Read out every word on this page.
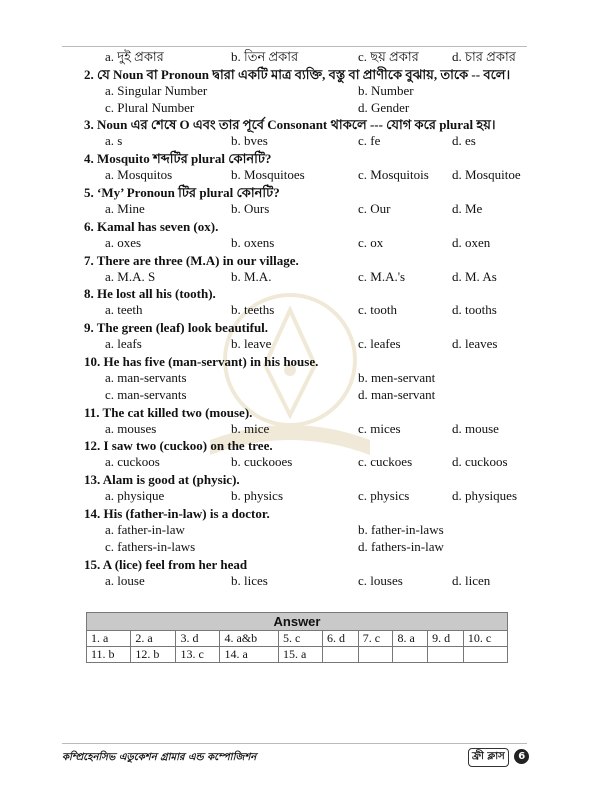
a. দুই প্রকার	b. তিন প্রকার	c. ছয় প্রকার	d. চার প্রকার
2. যে Noun বা Pronoun দ্বারা একটি মাত্র ব্যক্তি, বস্তু বা প্রাণীকে বুঝায়, তাকে -- বলে।
a. Singular Number	b. Number
c. Plural Number	d. Gender
3. Noun এর শেষে O এবং তার পূর্বে Consonant থাকলে --- যোগ করে plural হয়।
a. s	b. bves	c. fe	d. es
4. Mosquito শব্দটির plural কোনটি?
a. Mosquitos	b. Mosquitoes	c. Mosquitois d. Mosquitoe
5. ‘My’ Pronoun টির plural কোনটি?
a. Mine	b. Ours	c. Our	d. Me
6. Kamal has seven (ox).
a. oxes	b. oxens	c. ox	d. oxen
7. There are three (M.A) in our village.
a. M.A. S	b. M.A.	c. M.A.'s	d. M. As
8. He lost all his (tooth).
a. teeth	b. teeths	c. tooth	d. tooths
9. The green (leaf) look beautiful.
a. leafs	b. leave	c. leafes	d. leaves
10. He has five (man-servant) in his house.
a. man-servants	b. men-servant
c. man-servants	d. man-servant
11. The cat killed two (mouse).
a. mouses	b. mice	c. mices	d. mouse
12. I saw two (cuckoo) on the tree.
a. cuckoos	b. cuckooes	c. cuckoes	d. cuckoos
13. Alam is good at (physic).
a. physique	b. physics	c. physics	d. physiques
14. His (father-in-law) is a doctor.
a. father-in-law	b. father-in-laws
c. fathers-in-laws	d. fathers-in-law
15. A (lice) feel from her head
a. louse	b. lices	c. louses	d. licen
Answer									
1. a	2. a	3. d	4. a&b	5. c	6. d	7. c	8. a	9. d	10. c
11. b	12. b	13. c	14. a	15. a					
কম্প্রিহেনসিভ এডুকেশন গ্রামার এন্ড কম্পোজিশন	ফ্রী ক্লাস 6
